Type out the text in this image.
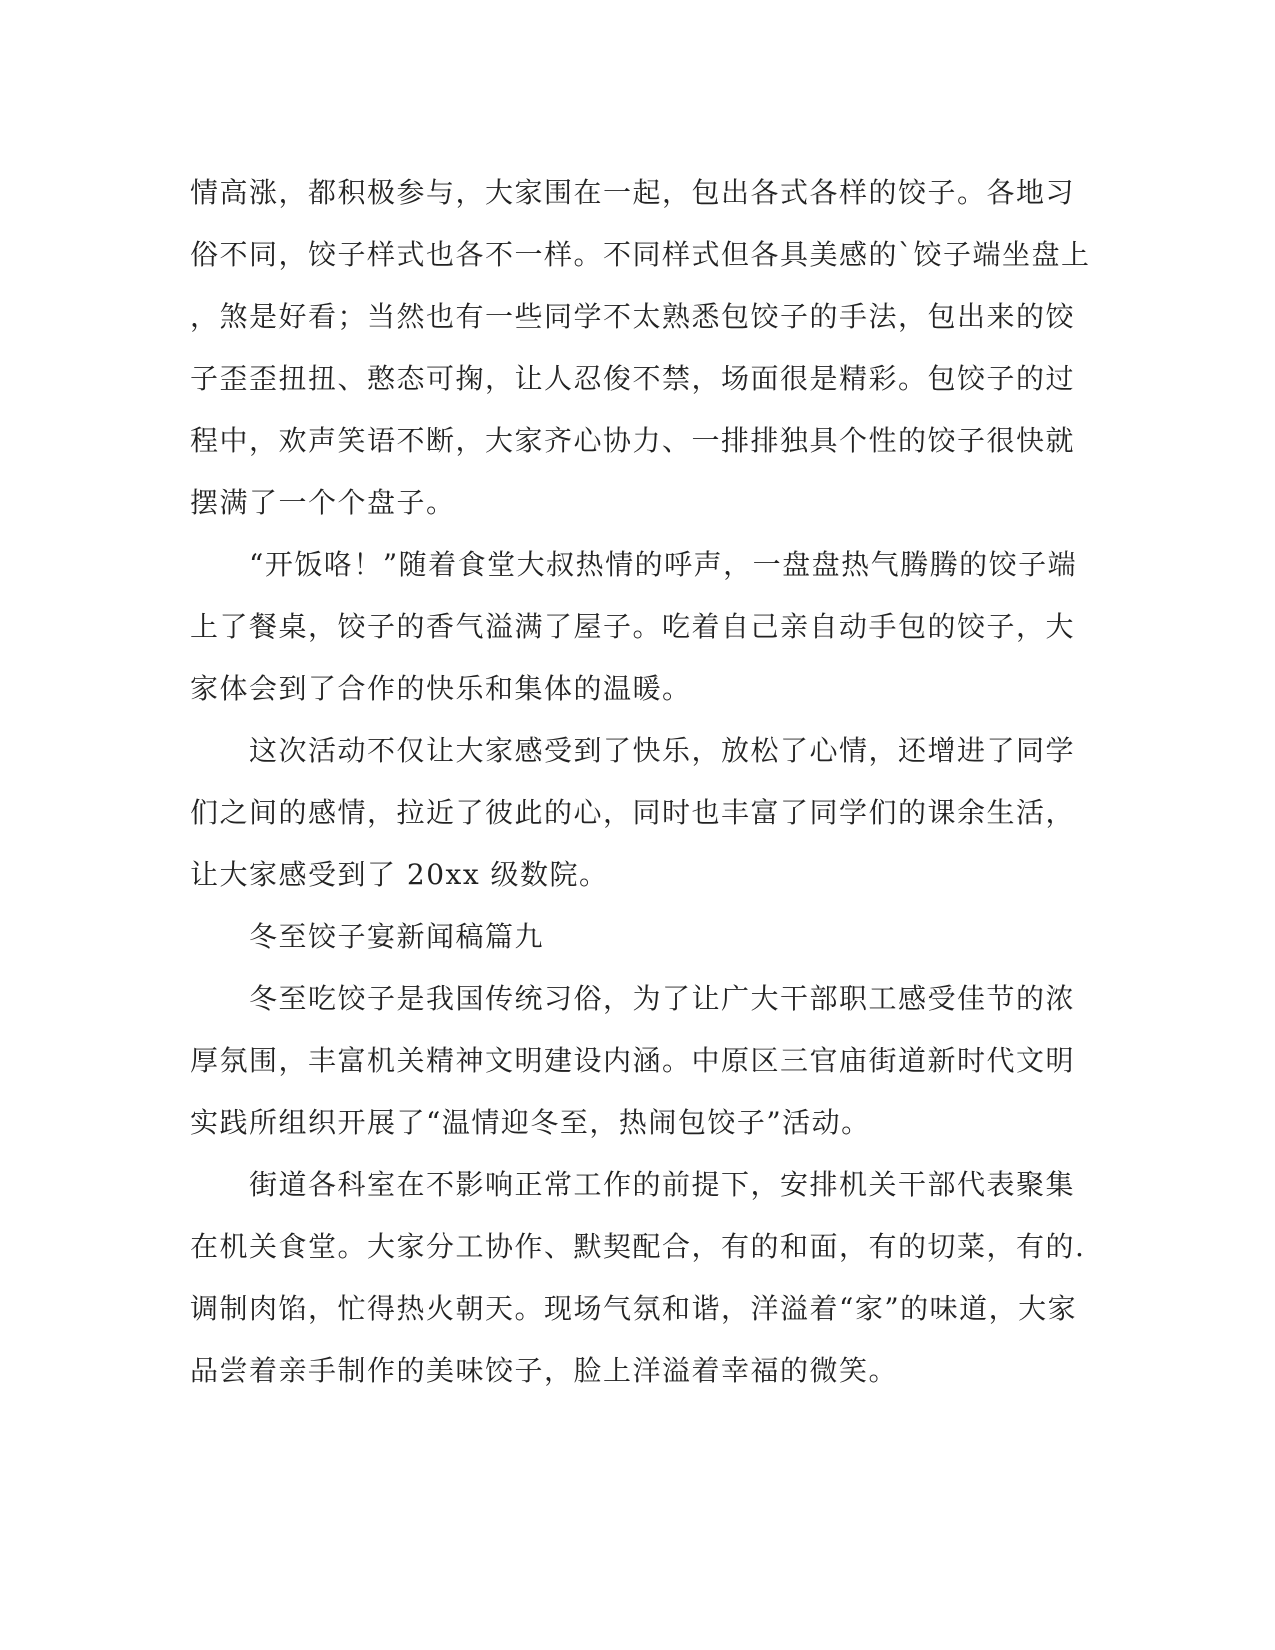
情高涨，都积极参与，大家围在一起，包出各式各样的饺子。各地习
俗不同，饺子样式也各不一样。不同样式但各具美感的`饺子端坐盘上
，煞是好看；当然也有一些同学不太熟悉包饺子的手法，包出来的饺
子歪歪扭扭、憨态可掬，让人忍俊不禁，场面很是精彩。包饺子的过
程中，欢声笑语不断，大家齐心协力、一排排独具个性的饺子很快就
摆满了一个个盘子。
　　“开饭咯！”随着食堂大叔热情的呼声，一盘盘热气腾腾的饺子端
上了餐桌，饺子的香气溢满了屋子。吃着自己亲自动手包的饺子，大
家体会到了合作的快乐和集体的温暖。
　　这次活动不仅让大家感受到了快乐，放松了心情，还增进了同学
们之间的感情，拉近了彼此的心，同时也丰富了同学们的课余生活，
让大家感受到了 20xx 级数院。
　　冬至饺子宴新闻稿篇九
　　冬至吃饺子是我国传统习俗，为了让广大干部职工感受佳节的浓
厚氛围，丰富机关精神文明建设内涵。中原区三官庙街道新时代文明
实践所组织开展了“温情迎冬至，热闹包饺子”活动。
　　街道各科室在不影响正常工作的前提下，安排机关干部代表聚集
在机关食堂。大家分工协作、默契配合，有的和面，有的切菜，有的.
调制肉馅，忙得热火朝天。现场气氛和谐，洋溢着“家”的味道，大家
品尝着亲手制作的美味饺子，脸上洋溢着幸福的微笑。
